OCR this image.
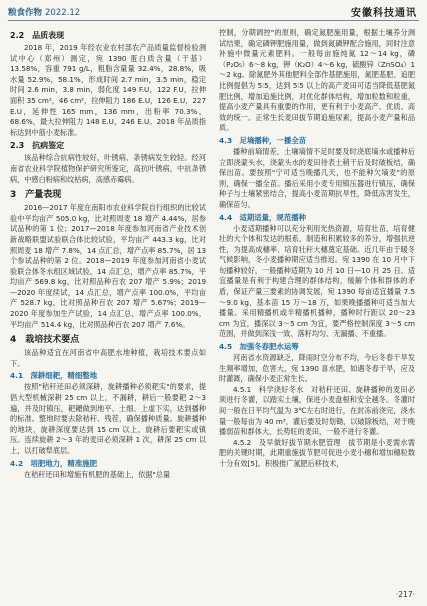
粮食作物 2022.12	安徽科技通讯
2.2　品质表现
2018 年，2019 年经农业农村部农产品质量监督检验测试中心（郑州）测定，宛 1390 蛋白质含量（干基）13.58%，容重 791 g/L，粗脂含量量 32.4%，28.8%，吸水量 52.9%，58.1%，形成时间 2.7 min，3.5 min，稳定时间 2.6 min，3.8 min，弱化度 149 F.U，122 F.U，拉伸面积 35 cm²，46 cm²，拉伸阻力 186 E.U，126 E.U，227 E.U，延伸性 165 mm，136 mm，出粉率 70.3%，68.6%，最大拉伸阻力 148 E.U，246 E.U。2018 年品质指标达到中筋小麦标准。
2.3　抗病鉴定
该品种综合抗病性较好，叶锈病、条锈病发生较轻。经河南省农业科学院植物保护研究所鉴定，高抗叶锈病，中抗条锈病，中感白粉病和纹枯病，高感赤霉病。
3　产量表现
2016—2017 年度在南阳市农业科学院自行组织的比较试验中平均亩产 505.0 kg，比对照周麦 18 增产 4.44%，居参试品种的第 1 位；2017—2018 年度参加河南省产业技术创新战略联盟试验联合体比较试验，平均亩产 443.3 kg，比对照周麦 18 增产 7.8%，14 点汇总，增产点率 85.7%，居 13 个参试品种的第 2 位。2018—2019 年度参加河南省小麦试验联合体冬水组区域试验，14 点汇总，增产点率 85.7%，平均亩产 569.8 kg，比对照品种百农 207 增产 5.9%；2019—2020 年度续试，14 点汇总，增产点率 100.0%，平均亩产 528.7 kg，比对照品种百农 207 增产 5.67%；2019—2020 年度参加生产试验，14 点汇总，增产点率 100.0%，平均亩产 514.4 kg，比对照品种百农 207 增产 7.6%。
4　栽培技术要点
该品种适宜在河南省中高肥水地种植，栽培技术要点如下。
4.1　深耕细耙，精细整地
按照"秸秆还田必须深耕，旋耕播种必须耙实"的要求，提倡大型机械深耕 25 cm 以上，不漏耕，耕后一般要耙 2～3 遍，并及时镇压，耙耱做到地平、土细、上虚下实，达到播种的标准。整地时要去除秸秆、残茬，确保播种质量。旋耕播种的地块，旋耕深度要达到 15 cm 以上，旋耕后要耙实或镇压。连续旋耕 2～3 年的麦田必须深耕 1 次，耕深 25 cm 以上，以打破犁底层。
4.2　培肥地力，精准施肥
在秸秆还田和增施有机肥的基础上，依据"总量
控制，分期调控"的原则，确定氮肥施用量，根据土壤养分测试结果，确定磷钾肥施用量，做到氮磷钾配合施用，同时注意补施中微量元素肥料。一般每亩施纯氮 12～14 kg，磷（P₂O₅）6～8 kg，钾（K₂O）4～6 kg，硫酸锌（ZnSO₄）1～2 kg。除氮肥外其他肥料全部作基肥施用，氮肥基肥、追肥比例提倡为 5∶5，达到 5∶5 以上的高产麦田可适当降低基肥氮肥比例，增加追施比例，对优化群体结构，增加粒数和粒重，提高小麦产量具有重要的作用，更有利于小麦高产、优质、高效的统一。正常生长麦田拔节期追施尿素，提高小麦产量和品质。
4.3　足墒播种，一播全苗
播种前墒情差，土壤墒情不足时要及时浇底墒水或播种后立即浇蒙头水，浇蒙头水的麦田待表土稍干后及时破板结，确保出苗。要按照"宁可适当晚播几天，也不能种欠墒麦"的原则，确保一播全苗。播后采用小麦专用镇压器进行镇压，确保种子与土壤紧密结合，提高小麦苗期抗旱性，降低冻害发生，确保苗匀。
4.4　适期适量，规范播种
小麦适期播种可以充分利用光热资源，培育壮苗，培育健壮的大个体和发达的根系，制造和积累较多的养分，增强抗逆性，为提高成穗率、培育壮秆大穗奠定基础。近几年由于暖冬气候影响，冬小麦播种期应适当推迟。宛 1390 在 10 月中下旬播种较好，一般播种适期为 10 月 10 日—10 月 25 日。适宜播量是有利于构建合理的群体结构，缓解个体和群体的矛盾，保证产量三要素的协调发展，宛 1390 每亩适宜播量 7.5～9.0 kg，基本苗 15 万～18 万，如果晚播播种可适当加大播量。采用精播机或半精播机播种，播种时行距以 20～23 cm 为宜，播深以 3～5 cm 为宜，要严格控制深度 3～5 cm 范围，并做到深浅一致、落籽均匀、无漏播、不重播。
4.5　加强冬春肥水运筹
河南省水资源缺乏，降雨时空分布不均，今后冬春干旱发生频率增加，危害大，宛 1390 喜水肥，如遇冬春干旱，应及时灌溉，确保小麦正常生长。
4.5.1　科学浇好冬水　对秸秆还田、旋耕播种的麦田必须进行冬灌，以踏实土壤，保进小麦盘根和安全越冬。冬灌时间一般在日平均气温为 3℃左右时进行，在封冻前浇完，浇水量一般每亩为 40 m³，灌后要及时划锄，以破除板结，对于晚播弱苗和群体大、长势旺的麦田，一般不进行冬灌。
4.5.2　及早做好拔节期水肥管理　拔节期是小麦需水需肥的关键时期，此期重施拔节肥可促进小麦小穗和增加穗粒数十分有效[5]。积极推广氮肥后移技术，
·217·
